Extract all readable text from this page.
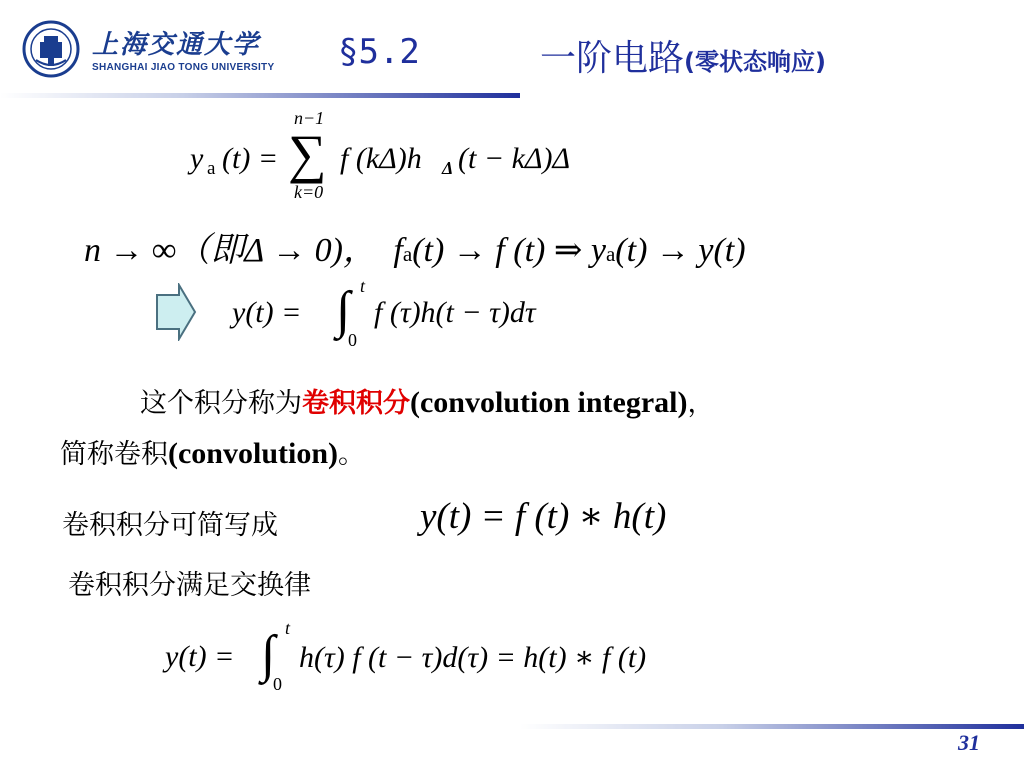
上海交通大学
SHANGHAI JIAO TONG UNIVERSITY §5.2	一阶电路(零状态响应)
y a (t) =
n−1
∑
k=0
f (kΔ)h Δ (t − kΔ)Δ
n → ∞（即Δ → 0)， fa(t) → f (t) ⇒ ya(t) → y(t)
y(t) =
t
∫
0
f (τ)h(t − τ)dτ
这个积分称为卷积积分(convolution integral)，
简称卷积(convolution)。
卷积积分可简写成	y(t) = f (t) ∗ h(t)
卷积积分满足交换律
y(t) =
t
∫
0
h(τ) f (t − τ)d(τ) = h(t) ∗ f (t)
31
